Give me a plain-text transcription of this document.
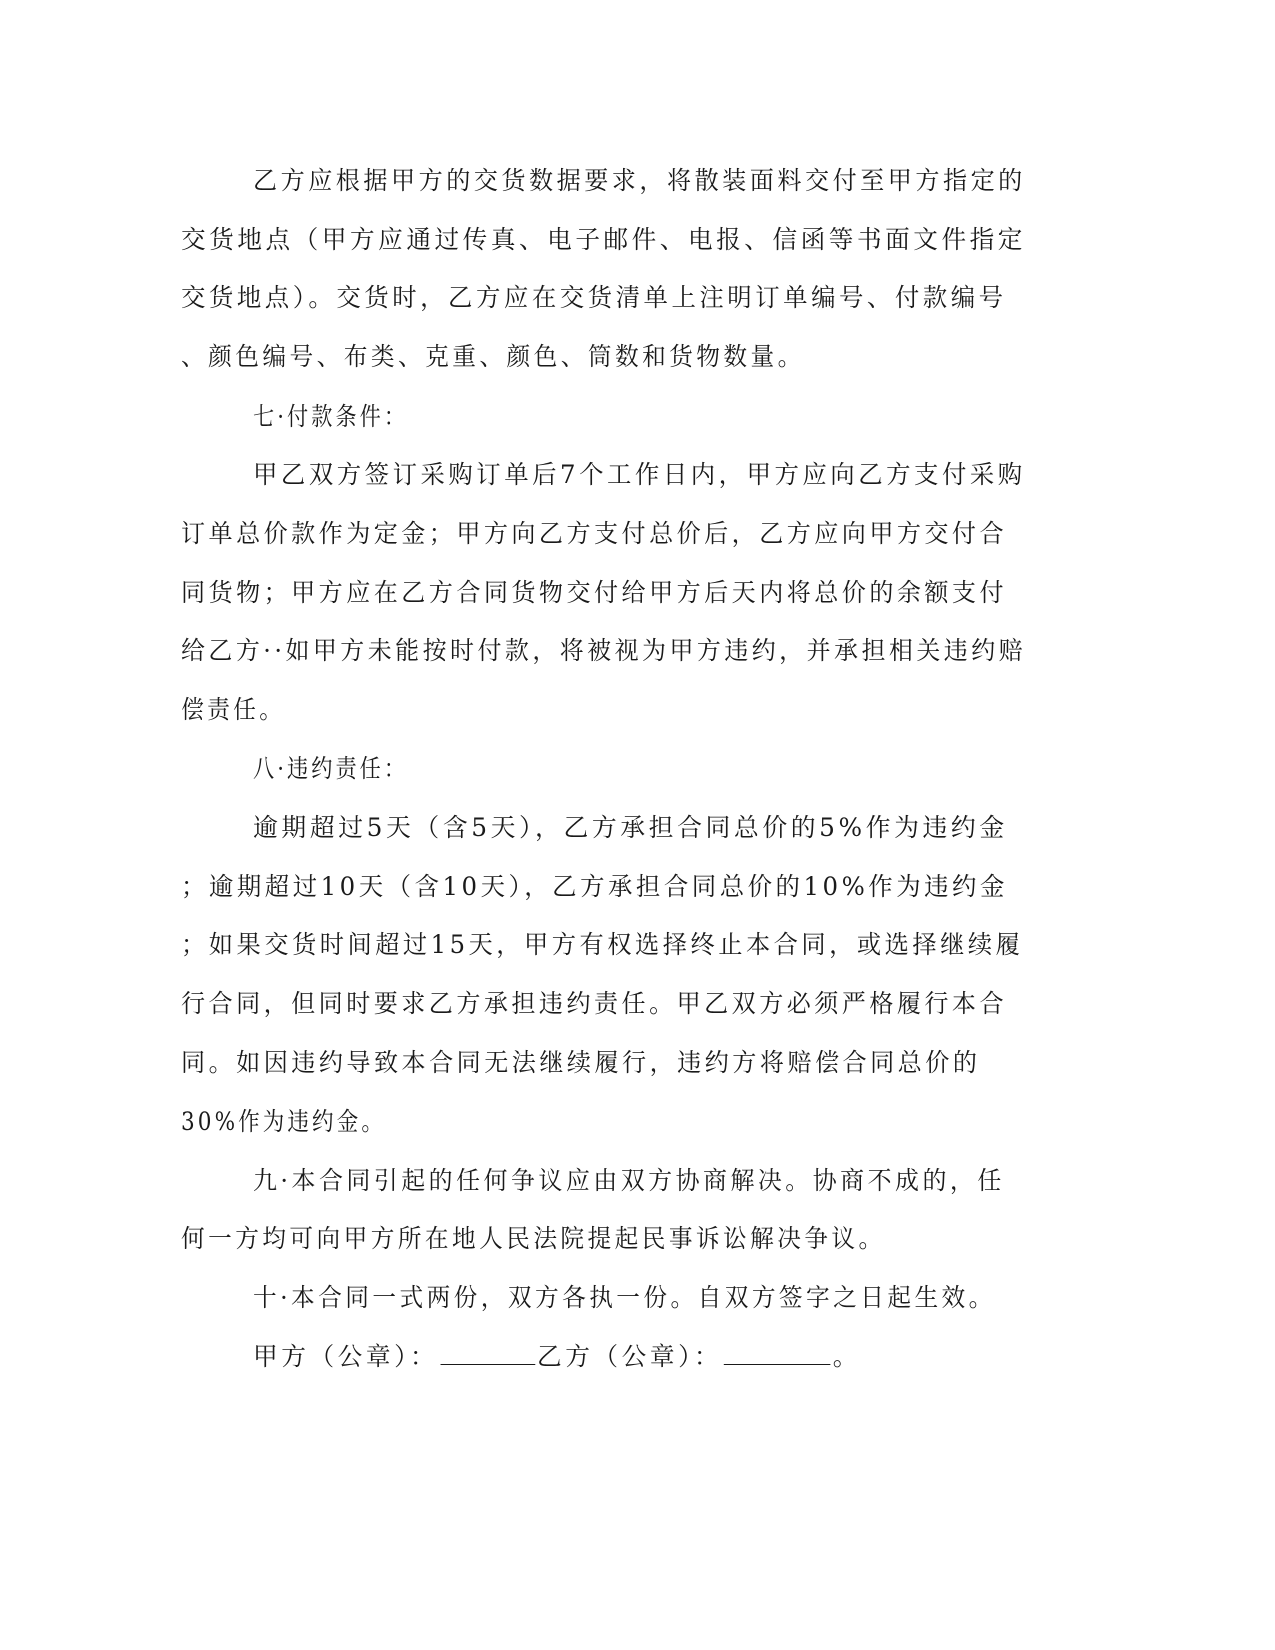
乙方应根据甲方的交货数据要求，将散装面料交付至甲方指定的

交货地点（甲方应通过传真、电子邮件、电报、信函等书面文件指定

交货地点）。交货时，乙方应在交货清单上注明订单编号、付款编号

、颜色编号、布类、克重、颜色、筒数和货物数量。

七·付款条件：

甲乙双方签订采购订单后7个工作日内，甲方应向乙方支付采购

订单总价款作为定金；甲方向乙方支付总价后，乙方应向甲方交付合

同货物；甲方应在乙方合同货物交付给甲方后天内将总价的余额支付

给乙方··如甲方未能按时付款，将被视为甲方违约，并承担相关违约赔

偿责任。

八·违约责任：

逾期超过5天（含5天），乙方承担合同总价的5%作为违约金

；逾期超过10天（含10天），乙方承担合同总价的10%作为违约金

；如果交货时间超过15天，甲方有权选择终止本合同，或选择继续履

行合同，但同时要求乙方承担违约责任。甲乙双方必须严格履行本合

同。如因违约导致本合同无法继续履行，违约方将赔偿合同总价的

30%作为违约金。

九·本合同引起的任何争议应由双方协商解决。协商不成的，任

何一方均可向甲方所在地人民法院提起民事诉讼解决争议。

十·本合同一式两份，双方各执一份。自双方签字之日起生效。

甲方（公章）：	乙方（公章）：	。
